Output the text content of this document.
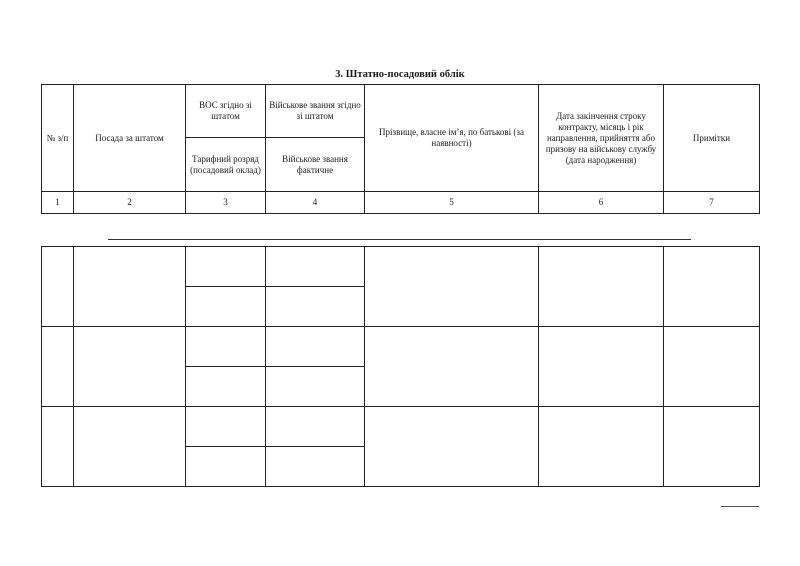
3. Штатно-посадовий облік
№ з/п	Посада за штатом	ВОС згідно зі штатом	Військове звання згідно зі штатом	Прізвище, власне ім’я, по батькові (за наявності)	Дата закінчення строку контракту, місяць і рік направлення, прийняття або призову на військову службу (дата народження)	Примітки
		Тарифний розряд (посадовий оклад)	Військове звання фактичне			
1	2	3	4	5	6	7
